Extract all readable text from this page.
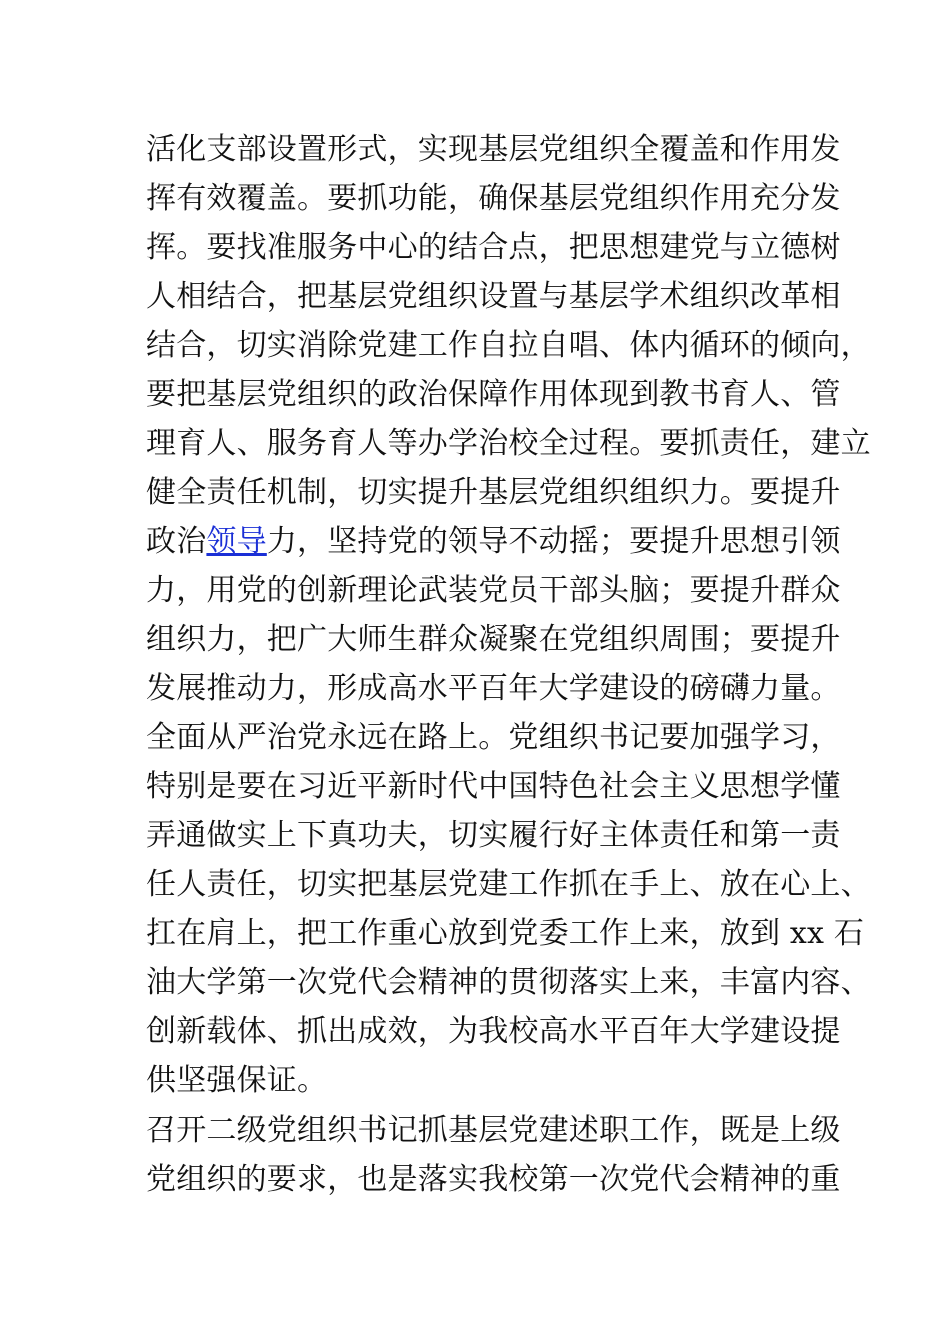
活化支部设置形式，实现基层党组织全覆盖和作用发
挥有效覆盖。要抓功能，确保基层党组织作用充分发
挥。要找准服务中心的结合点，把思想建党与立德树
人相结合，把基层党组织设置与基层学术组织改革相
结合，切实消除党建工作自拉自唱、体内循环的倾向，
要把基层党组织的政治保障作用体现到教书育人、管
理育人、服务育人等办学治校全过程。要抓责任，建立
健全责任机制，切实提升基层党组织组织力。要提升
政治领导力，坚持党的领导不动摇；要提升思想引领
力，用党的创新理论武装党员干部头脑；要提升群众
组织力，把广大师生群众凝聚在党组织周围；要提升
发展推动力，形成高水平百年大学建设的磅礴力量。
全面从严治党永远在路上。党组织书记要加强学习，
特别是要在习近平新时代中国特色社会主义思想学懂
弄通做实上下真功夫，切实履行好主体责任和第一责
任人责任，切实把基层党建工作抓在手上、放在心上、
扛在肩上，把工作重心放到党委工作上来，放到 xx 石
油大学第一次党代会精神的贯彻落实上来，丰富内容、
创新载体、抓出成效，为我校高水平百年大学建设提
供坚强保证。
召开二级党组织书记抓基层党建述职工作，既是上级
党组织的要求，也是落实我校第一次党代会精神的重
